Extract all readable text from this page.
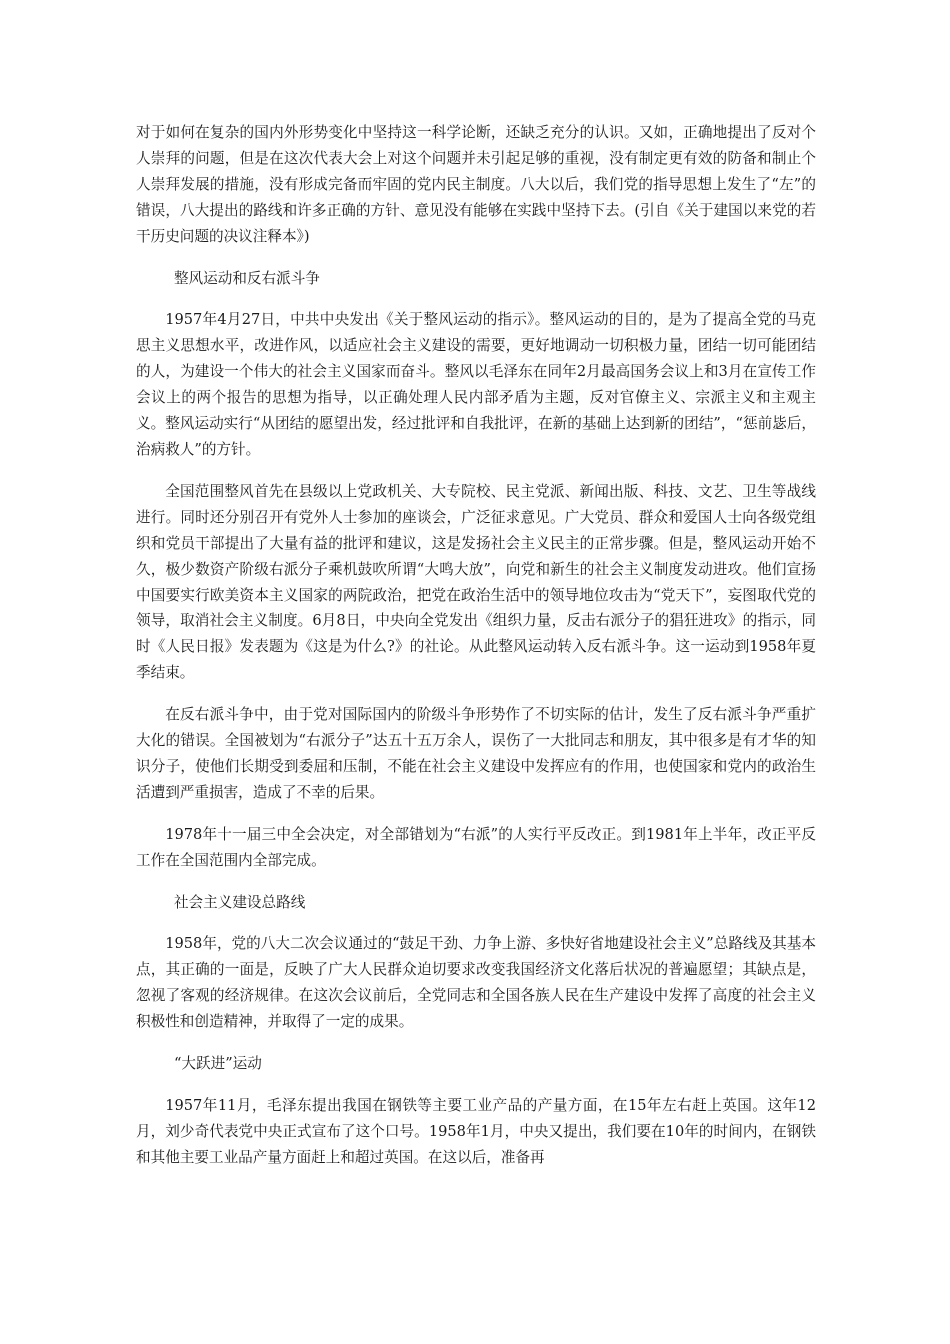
对于如何在复杂的国内外形势变化中坚持这一科学论断，还缺乏充分的认识。又如，正确地提出了反对个人崇拜的问题，但是在这次代表大会上对这个问题并未引起足够的重视，没有制定更有效的防备和制止个人崇拜发展的措施，没有形成完备而牢固的党内民主制度。八大以后，我们党的指导思想上发生了“左”的错误，八大提出的路线和许多正确的方针、意见没有能够在实践中坚持下去。(引自《关于建国以来党的若干历史问题的决议注释本》)

整风运动和反右派斗争

1957年4月27日，中共中央发出《关于整风运动的指示》。整风运动的目的，是为了提高全党的马克思主义思想水平，改进作风，以适应社会主义建设的需要，更好地调动一切积极力量，团结一切可能团结的人，为建设一个伟大的社会主义国家而奋斗。整风以毛泽东在同年2月最高国务会议上和3月在宣传工作会议上的两个报告的思想为指导，以正确处理人民内部矛盾为主题，反对官僚主义、宗派主义和主观主义。整风运动实行“从团结的愿望出发，经过批评和自我批评，在新的基础上达到新的团结”，“惩前毖后，治病救人”的方针。

全国范围整风首先在县级以上党政机关、大专院校、民主党派、新闻出版、科技、文艺、卫生等战线进行。同时还分别召开有党外人士参加的座谈会，广泛征求意见。广大党员、群众和爱国人士向各级党组织和党员干部提出了大量有益的批评和建议，这是发扬社会主义民主的正常步骤。但是，整风运动开始不久，极少数资产阶级右派分子乘机鼓吹所谓“大鸣大放”，向党和新生的社会主义制度发动进攻。他们宣扬中国要实行欧美资本主义国家的两院政治，把党在政治生活中的领导地位攻击为“党天下”，妄图取代党的领导，取消社会主义制度。6月8日，中央向全党发出《组织力量，反击右派分子的猖狂进攻》的指示，同时《人民日报》发表题为《这是为什么?》的社论。从此整风运动转入反右派斗争。这一运动到1958年夏季结束。

在反右派斗争中，由于党对国际国内的阶级斗争形势作了不切实际的估计，发生了反右派斗争严重扩大化的错误。全国被划为“右派分子”达五十五万余人，误伤了一大批同志和朋友，其中很多是有才华的知识分子，使他们长期受到委屈和压制，不能在社会主义建设中发挥应有的作用，也使国家和党内的政治生活遭到严重损害，造成了不幸的后果。

1978年十一届三中全会决定，对全部错划为“右派”的人实行平反改正。到1981年上半年，改正平反工作在全国范围内全部完成。

社会主义建设总路线

1958年，党的八大二次会议通过的“鼓足干劲、力争上游、多快好省地建设社会主义”总路线及其基本点，其正确的一面是，反映了广大人民群众迫切要求改变我国经济文化落后状况的普遍愿望；其缺点是，忽视了客观的经济规律。在这次会议前后，全党同志和全国各族人民在生产建设中发挥了高度的社会主义积极性和创造精神，并取得了一定的成果。

“大跃进”运动

1957年11月，毛泽东提出我国在钢铁等主要工业产品的产量方面，在15年左右赶上英国。这年12月，刘少奇代表党中央正式宣布了这个口号。1958年1月，中央又提出，我们要在10年的时间内，在钢铁和其他主要工业品产量方面赶上和超过英国。在这以后，准备再
